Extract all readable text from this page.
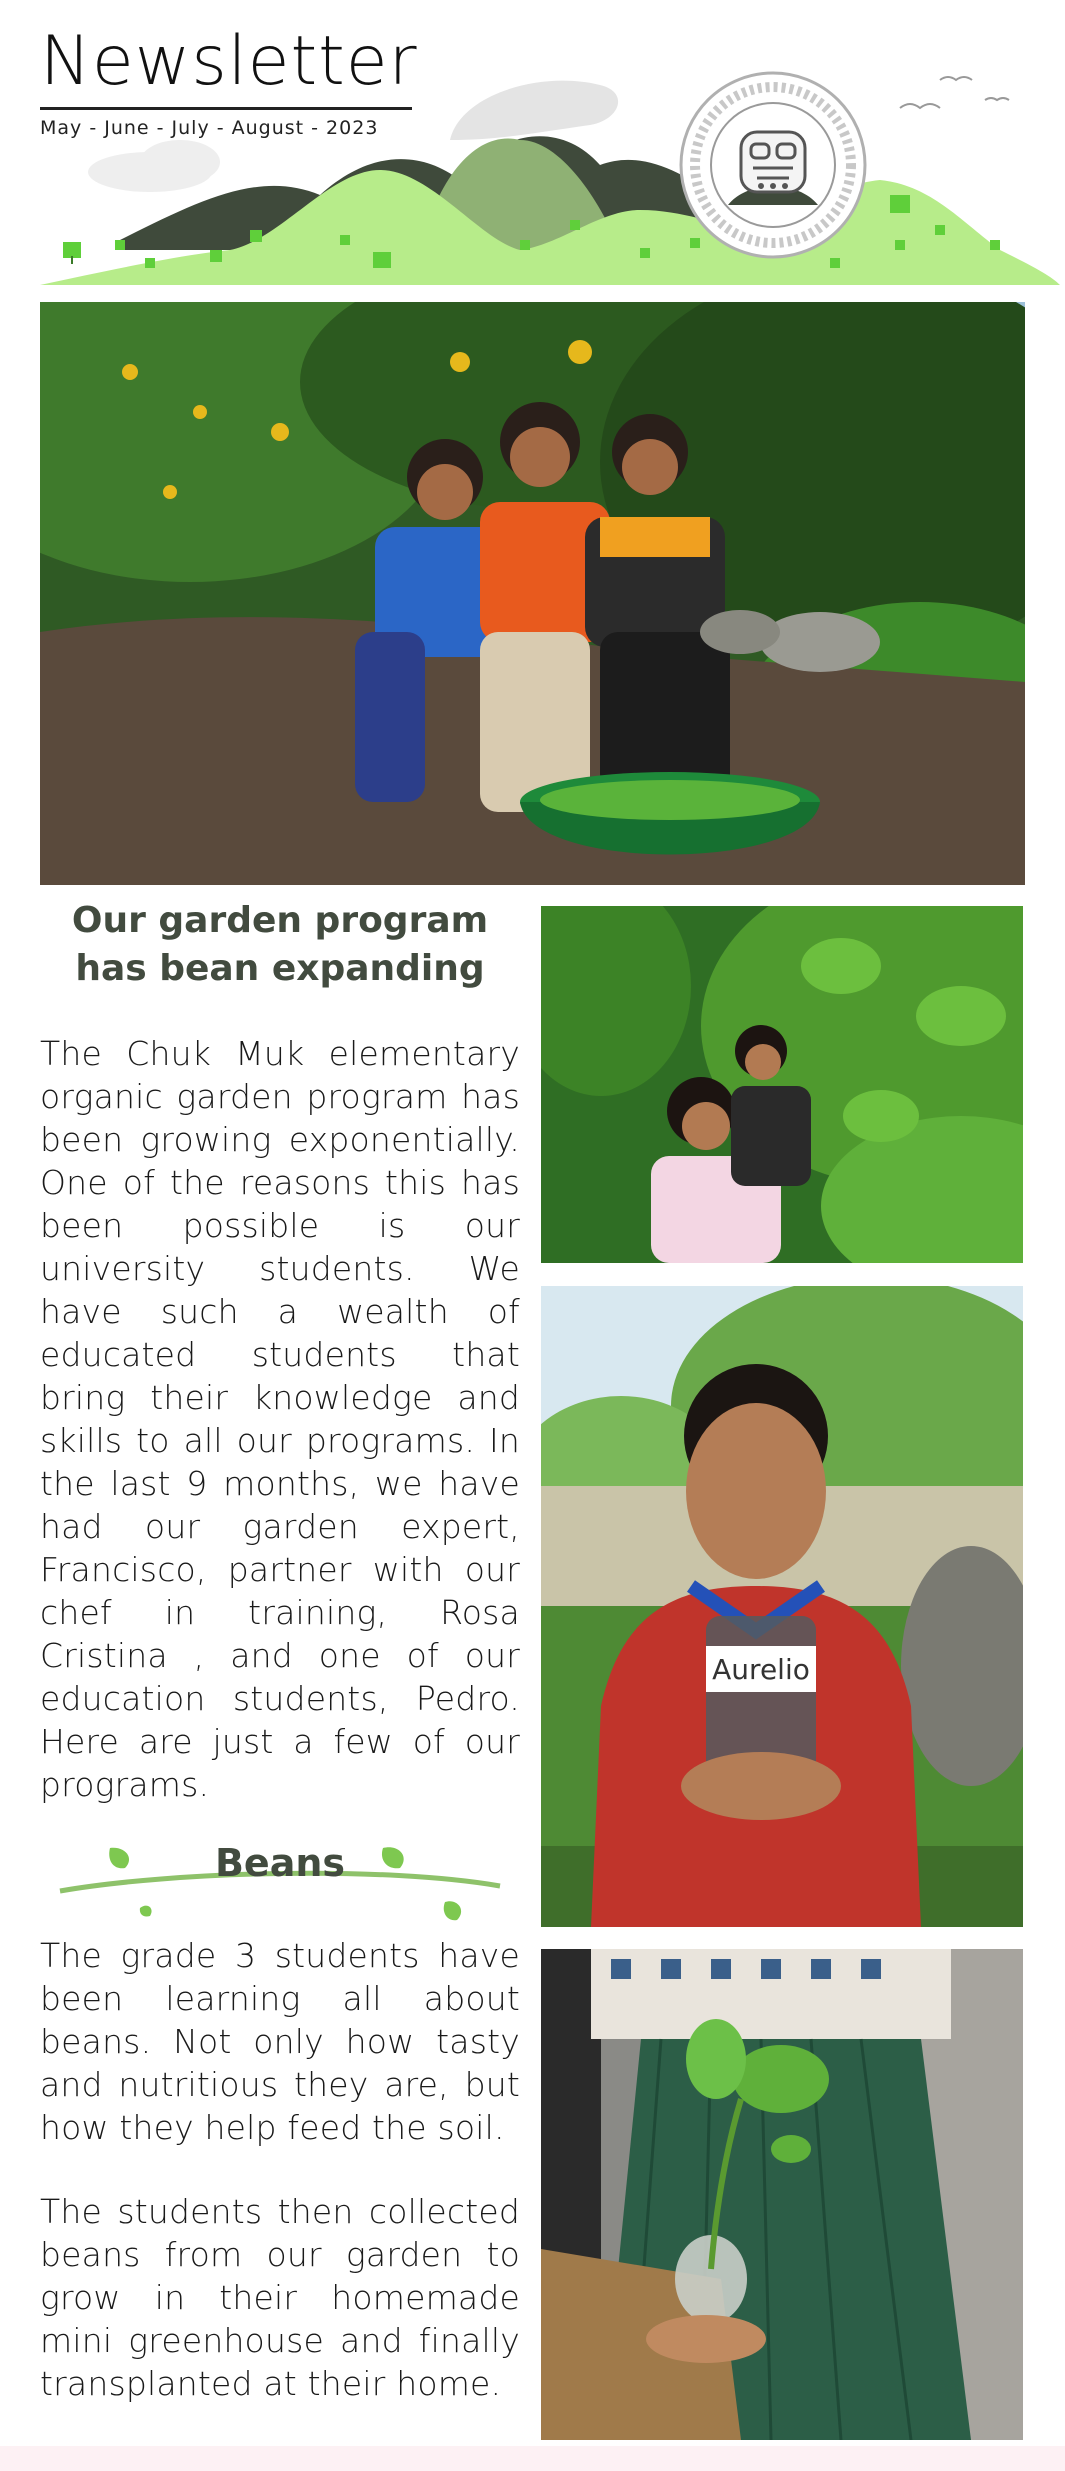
Newsletter
May - June - July - August - 2023
Our garden program
has bean expanding
The Chuk Muk elementary organic garden program has been growing exponentially. One of the reasons this has been possible is our university students. We have such a wealth of educated students that bring their knowledge and skills to all our programs. In the last 9 months, we have had our garden expert, Francisco, partner with our chef in training, Rosa Cristina , and one of our education students, Pedro. Here are just a few of our programs.
Beans
The grade 3 students have been learning all about beans. Not only how tasty and nutritious they are, but how they help feed the soil.
The students then collected beans from our garden to grow in their homemade mini greenhouse and finally transplanted at their home.
Aurelio
